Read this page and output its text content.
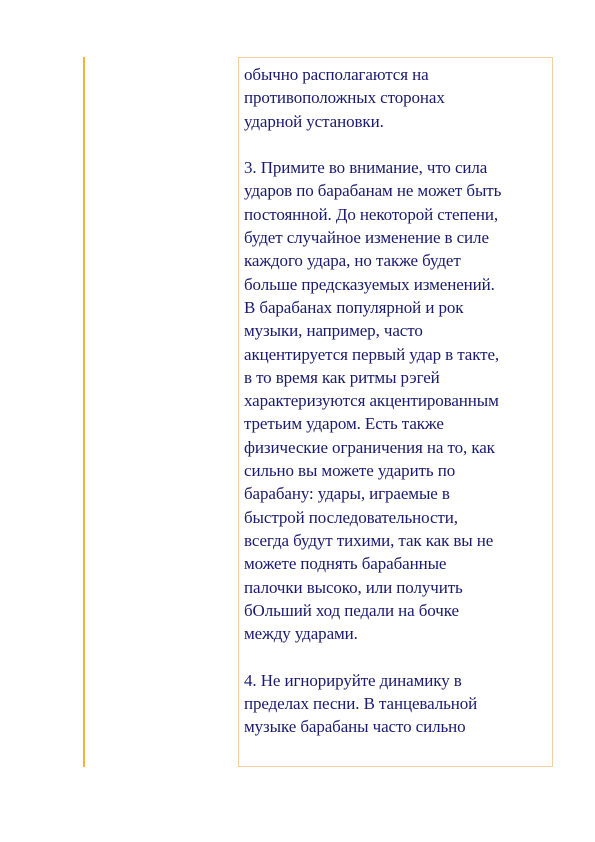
обычно располагаются на
противоположных сторонах
ударной установки.

3. Примите во внимание, что сила
ударов по барабанам не может быть
постоянной. До некоторой степени,
будет случайное изменение в силе
каждого удара, но также будет
больше предсказуемых изменений.
В барабанах популярной и рок
музыки, например, часто
акцентируется первый удар в такте,
в то время как ритмы рэгей
характеризуются акцентированным
третьим ударом. Есть также
физические ограничения на то, как
сильно вы можете ударить по
барабану: удары, играемые в
быстрой последовательности,
всегда будут тихими, так как вы не
можете поднять барабанные
палочки высоко, или получить
бОльший ход педали на бочке
между ударами.

4. Не игнорируйте динамику в
пределах песни. В танцевальной
музыке барабаны часто сильно
